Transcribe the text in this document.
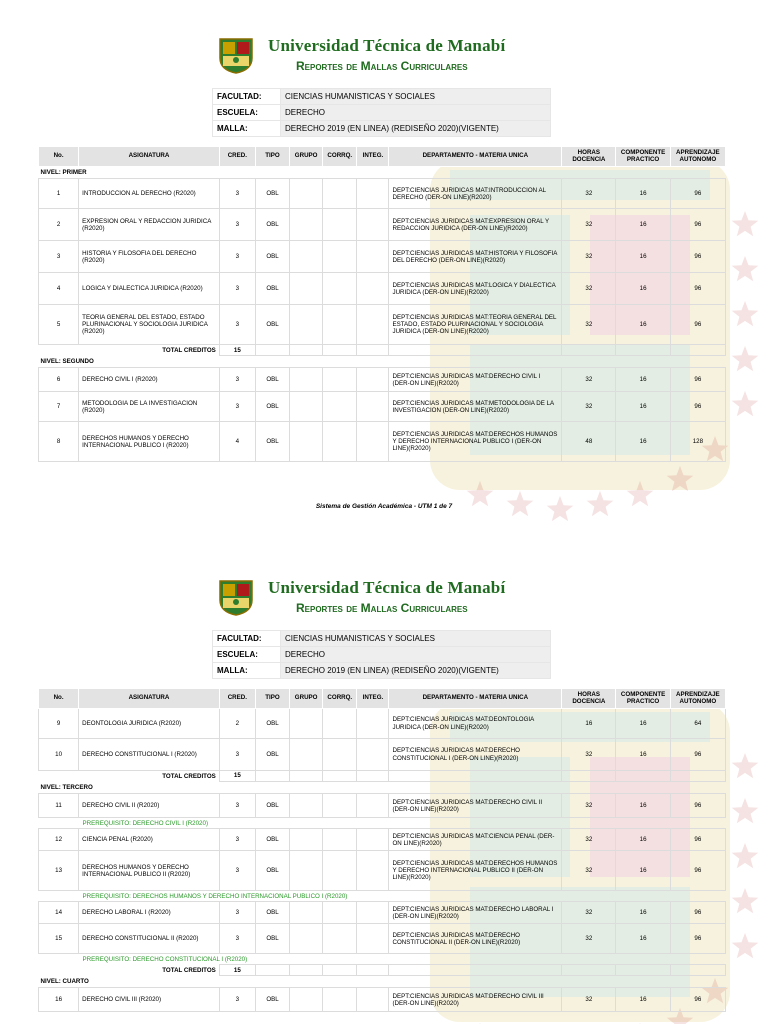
Universidad Técnica de Manabí
Reportes de Mallas Curriculares
FACULTAD:	CIENCIAS HUMANISTICAS Y SOCIALES
ESCUELA:	DERECHO
MALLA:	DERECHO 2019 (EN LINEA) (REDISEÑO 2020)(VIGENTE)
No.	ASIGNATURA	CRED.	TIPO	GRUPO	CORRQ.	INTEG.	DEPARTAMENTO - MATERIA UNICA	HORAS DOCENCIA	COMPONENTE PRACTICO	APRENDIZAJE AUTONOMO
NIVEL: PRIMER										
1	INTRODUCCION AL DERECHO (R2020)	3	OBL				DEPT:CIENCIAS JURIDICAS MAT:INTRODUCCION AL DERECHO (DER-ON LINE)(R2020)	32	16	96
2	EXPRESION ORAL Y REDACCION JURIDICA (R2020)	3	OBL				DEPT:CIENCIAS JURIDICAS MAT:EXPRESION ORAL Y REDACCION JURIDICA (DER-ON LINE)(R2020)	32	16	96
3	HISTORIA Y FILOSOFIA DEL DERECHO (R2020)	3	OBL				DEPT:CIENCIAS JURIDICAS MAT:HISTORIA Y FILOSOFIA DEL DERECHO (DER-ON LINE)(R2020)	32	16	96
4	LOGICA Y DIALECTICA JURIDICA (R2020)	3	OBL				DEPT:CIENCIAS JURIDICAS MAT:LOGICA Y DIALECTICA JURIDICA (DER-ON LINE)(R2020)	32	16	96
5	TEORIA GENERAL DEL ESTADO, ESTADO PLURINACIONAL Y SOCIOLOGIA JURIDICA (R2020)	3	OBL				DEPT:CIENCIAS JURIDICAS MAT:TEORIA GENERAL DEL ESTADO, ESTADO PLURINACIONAL Y SOCIOLOGIA JURIDICA (DER-ON LINE)(R2020)	32	16	96
TOTAL CREDITOS		15								
NIVEL: SEGUNDO										
6	DERECHO CIVIL I (R2020)	3	OBL				DEPT:CIENCIAS JURIDICAS MAT:DERECHO CIVIL I (DER-ON LINE)(R2020)	32	16	96
7	METODOLOGIA DE LA INVESTIGACION (R2020)	3	OBL				DEPT:CIENCIAS JURIDICAS MAT:METODOLOGIA DE LA INVESTIGACION (DER-ON LINE)(R2020)	32	16	96
8	DERECHOS HUMANOS Y DERECHO INTERNACIONAL PUBLICO I (R2020)	4	OBL				DEPT:CIENCIAS JURIDICAS MAT:DERECHOS HUMANOS Y DERECHO INTERNACIONAL PUBLICO I (DER-ON LINE)(R2020)	48	16	128
Sistema de Gestión Académica - UTM 1 de 7
Universidad Técnica de Manabí
Reportes de Mallas Curriculares
FACULTAD:	CIENCIAS HUMANISTICAS Y SOCIALES
ESCUELA:	DERECHO
MALLA:	DERECHO 2019 (EN LINEA) (REDISEÑO 2020)(VIGENTE)
No.	ASIGNATURA	CRED.	TIPO	GRUPO	CORRQ.	INTEG.	DEPARTAMENTO - MATERIA UNICA	HORAS DOCENCIA	COMPONENTE PRACTICO	APRENDIZAJE AUTONOMO
9	DEONTOLOGIA JURIDICA (R2020)	2	OBL				DEPT:CIENCIAS JURIDICAS MAT:DEONTOLOGIA JURIDICA (DER-ON LINE)(R2020)	16	16	64
10	DERECHO CONSTITUCIONAL I (R2020)	3	OBL				DEPT:CIENCIAS JURIDICAS MAT:DERECHO CONSTITUCIONAL I (DER-ON LINE)(R2020)	32	16	96
TOTAL CREDITOS		15								
NIVEL: TERCERO										
11	DERECHO CIVIL II (R2020)	3	OBL				DEPT:CIENCIAS JURIDICAS MAT:DERECHO CIVIL II (DER-ON LINE)(R2020)	32	16	96
PREREQUISITO: DERECHO CIVIL I (R2020)										
12	CIENCIA PENAL (R2020)	3	OBL				DEPT:CIENCIAS JURIDICAS MAT:CIENCIA PENAL (DER-ON LINE)(R2020)	32	16	96
13	DERECHOS HUMANOS Y DERECHO INTERNACIONAL PUBLICO II (R2020)	3	OBL				DEPT:CIENCIAS JURIDICAS MAT:DERECHOS HUMANOS Y DERECHO INTERNACIONAL PUBLICO II (DER-ON LINE)(R2020)	32	16	96
PREREQUISITO: DERECHOS HUMANOS Y DERECHO INTERNACIONAL PUBLICO I (R2020)										
14	DERECHO LABORAL I (R2020)	3	OBL				DEPT:CIENCIAS JURIDICAS MAT:DERECHO LABORAL I (DER-ON LINE)(R2020)	32	16	96
15	DERECHO CONSTITUCIONAL II (R2020)	3	OBL				DEPT:CIENCIAS JURIDICAS MAT:DERECHO CONSTITUCIONAL II (DER-ON LINE)(R2020)	32	16	96
PREREQUISITO: DERECHO CONSTITUCIONAL I (R2020)										
TOTAL CREDITOS		15								
NIVEL: CUARTO										
16	DERECHO CIVIL III (R2020)	3	OBL				DEPT:CIENCIAS JURIDICAS MAT:DERECHO CIVIL III (DER-ON LINE)(R2020)	32	16	96
